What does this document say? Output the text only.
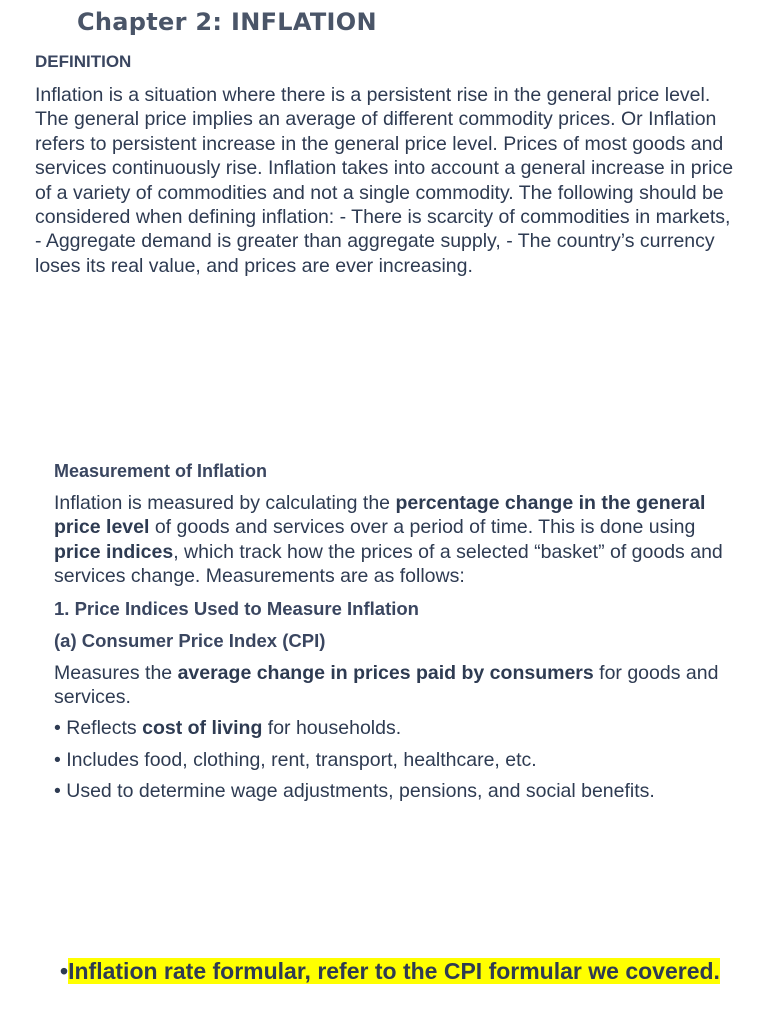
Chapter 2: INFLATION
DEFINITION

Inflation is a situation where there is a persistent rise in the general price level. The general price implies an average of different commodity prices. Or Inflation refers to persistent increase in the general price level. Prices of most goods and services continuously rise. Inflation takes into account a general increase in price of a variety of commodities and not a single commodity. The following should be considered when defining inflation: - There is scarcity of commodities in markets, - Aggregate demand is greater than aggregate supply, - The country’s currency loses its real value, and prices are ever increasing.

Measurement of Inflation

Inflation is measured by calculating the percentage change in the general price level of goods and services over a period of time. This is done using price indices, which track how the prices of a selected “basket” of goods and services change. Measurements are as follows:

1. Price Indices Used to Measure Inflation
(a) Consumer Price Index (CPI)

Measures the average change in prices paid by consumers for goods and services.

• Reflects cost of living for households.
• Includes food, clothing, rent, transport, healthcare, etc.
• Used to determine wage adjustments, pensions, and social benefits.
•Inflation rate formular, refer to the CPI formular we covered.
